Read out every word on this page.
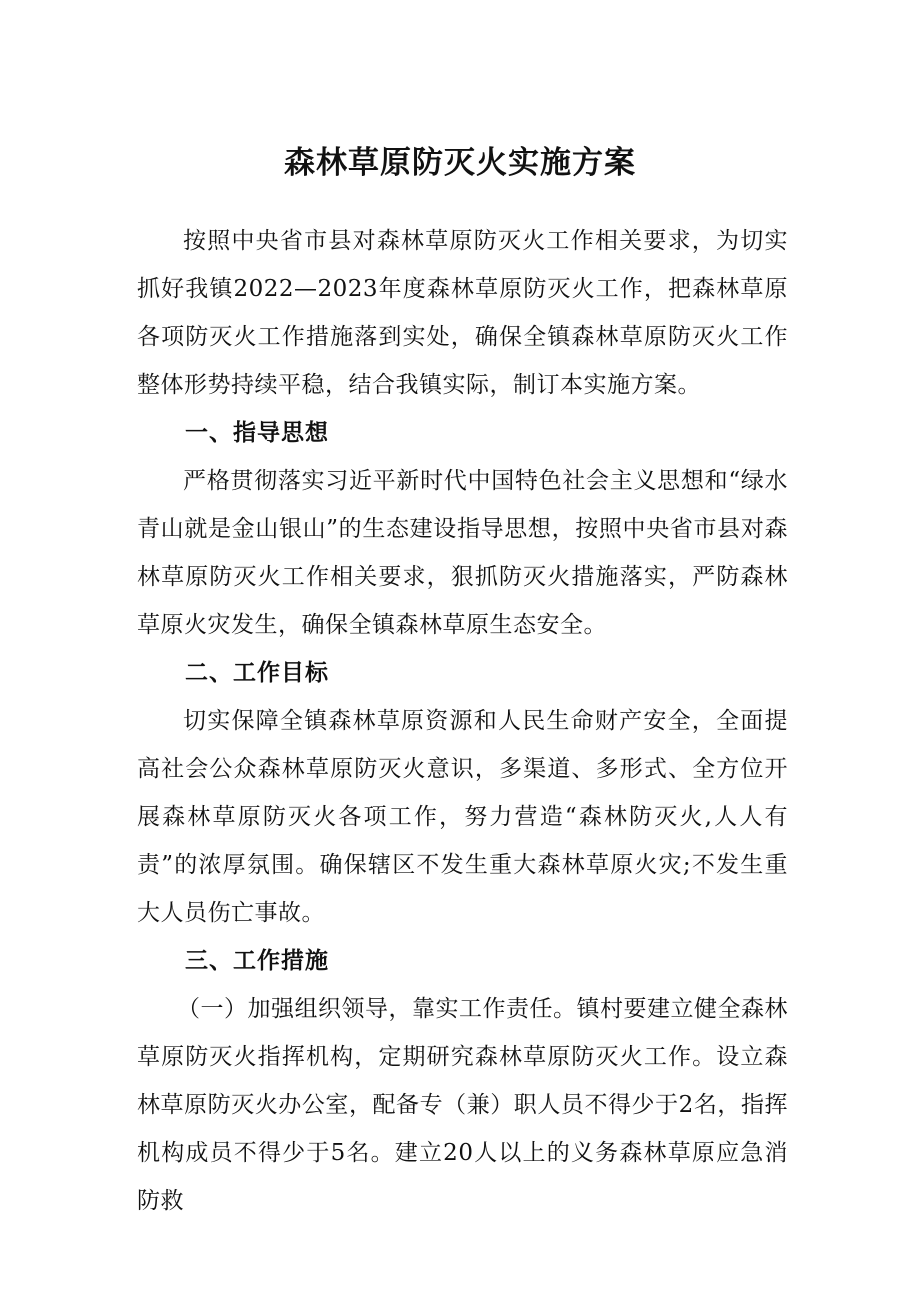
森林草原防灭火实施方案

按照中央省市县对森林草原防灭火工作相关要求，为切实抓好我镇2022—2023年度森林草原防灭火工作，把森林草原各项防灭火工作措施落到实处，确保全镇森林草原防灭火工作整体形势持续平稳，结合我镇实际，制订本实施方案。

一、指导思想

严格贯彻落实习近平新时代中国特色社会主义思想和“绿水青山就是金山银山”的生态建设指导思想，按照中央省市县对森林草原防灭火工作相关要求，狠抓防灭火措施落实，严防森林草原火灾发生，确保全镇森林草原生态安全。

二、工作目标

切实保障全镇森林草原资源和人民生命财产安全，全面提高社会公众森林草原防灭火意识，多渠道、多形式、全方位开展森林草原防灭火各项工作，努力营造“森林防灭火,人人有责”的浓厚氛围。确保辖区不发生重大森林草原火灾;不发生重大人员伤亡事故。

三、工作措施

（一）加强组织领导，靠实工作责任。镇村要建立健全森林草原防灭火指挥机构，定期研究森林草原防灭火工作。设立森林草原防灭火办公室，配备专（兼）职人员不得少于2名，指挥机构成员不得少于5名。建立20人以上的义务森林草原应急消防救
